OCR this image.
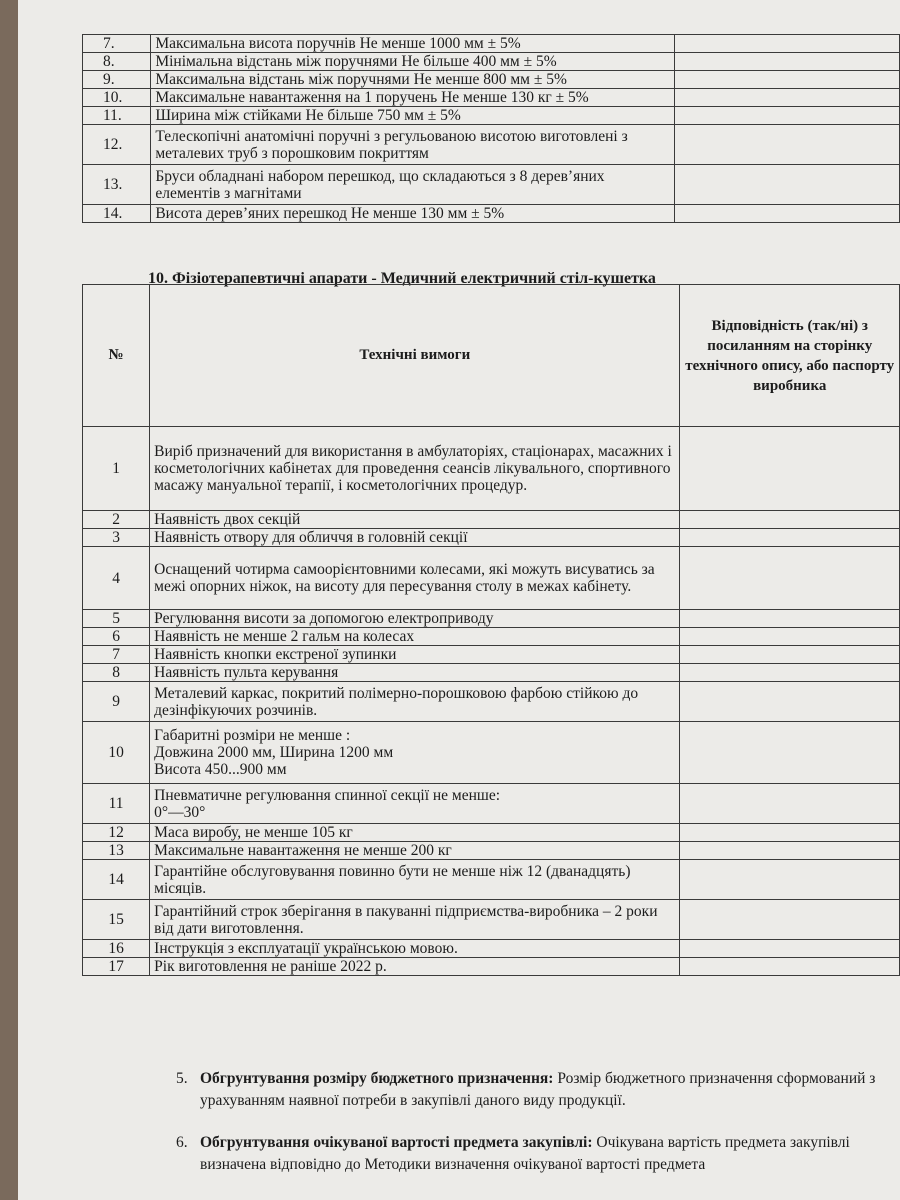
7.	Максимальна висота поручнів Не менше 1000 мм ± 5%	
8.	Мінімальна відстань між поручнями Не більше 400 мм ± 5%	
9.	Максимальна відстань між поручнями Не менше 800 мм ± 5%	
10.	Максимальне навантаження на 1 поручень Не менше 130 кг ± 5%	
11.	Ширина між стійками Не більше 750 мм ± 5%	
12.	Телескопічні анатомічні поручні з регульованою висотою виготовлені з металевих труб з порошковим покриттям	
13.	Бруси обладнані набором перешкод, що складаються з 8 дерев’яних елементів з магнітами	
14.	Висота дерев’яних перешкод Не менше 130 мм ± 5%	
10. Фізіотерапевтичні апарати - Медичний електричний стіл-кушетка
№	Технічні вимоги	Відповідність (так/ні) з посиланням на сторінку технічного опису, або паспорту виробника
1	Виріб призначений для використання в амбулаторіях, стаціонарах, масажних і косметологічних кабінетах для проведення сеансів лікувального, спортивного масажу мануальної терапії, і косметологічних процедур.	
2	Наявність двох секцій	
3	Наявність отвору для обличчя в головній секції	
4	Оснащений чотирма самоорієнтовними колесами, які можуть висуватись за межі опорних ніжок, на висоту для пересування столу в межах кабінету.	
5	Регулювання висоти за допомогою електроприводу	
6	Наявність не менше 2 гальм на колесах	
7	Наявність кнопки екстреної зупинки	
8	Наявність пульта керування	
9	Металевий каркас, покритий полімерно-порошковою фарбою стійкою до дезінфікуючих розчинів.	
10	Габаритні розміри не менше :
Довжина 2000 мм, Ширина 1200 мм
Висота 450...900 мм	

11	Пневматичне регулювання спинної секції не менше:
0°—30°	

12	Маса виробу, не менше 105 кг	
13	Максимальне навантаження не менше 200 кг	
14	Гарантійне обслуговування повинно бути не менше ніж 12 (дванадцять) місяців.	
15	Гарантійний строк зберігання в пакуванні підприємства-виробника – 2 роки від дати виготовлення.	
16	Інструкція з експлуатації українською мовою.	
17	Рік виготовлення не раніше 2022 р.	
5. Обгрунтування розміру бюджетного призначення: Розмір бюджетного призначення сформований з урахуванням наявної потреби в закупівлі даного виду продукції.
6. Обгрунтування очікуваної вартості предмета закупівлі: Очікувана вартість предмета закупівлі визначена відповідно до Методики визначення очікуваної вартості предмета
